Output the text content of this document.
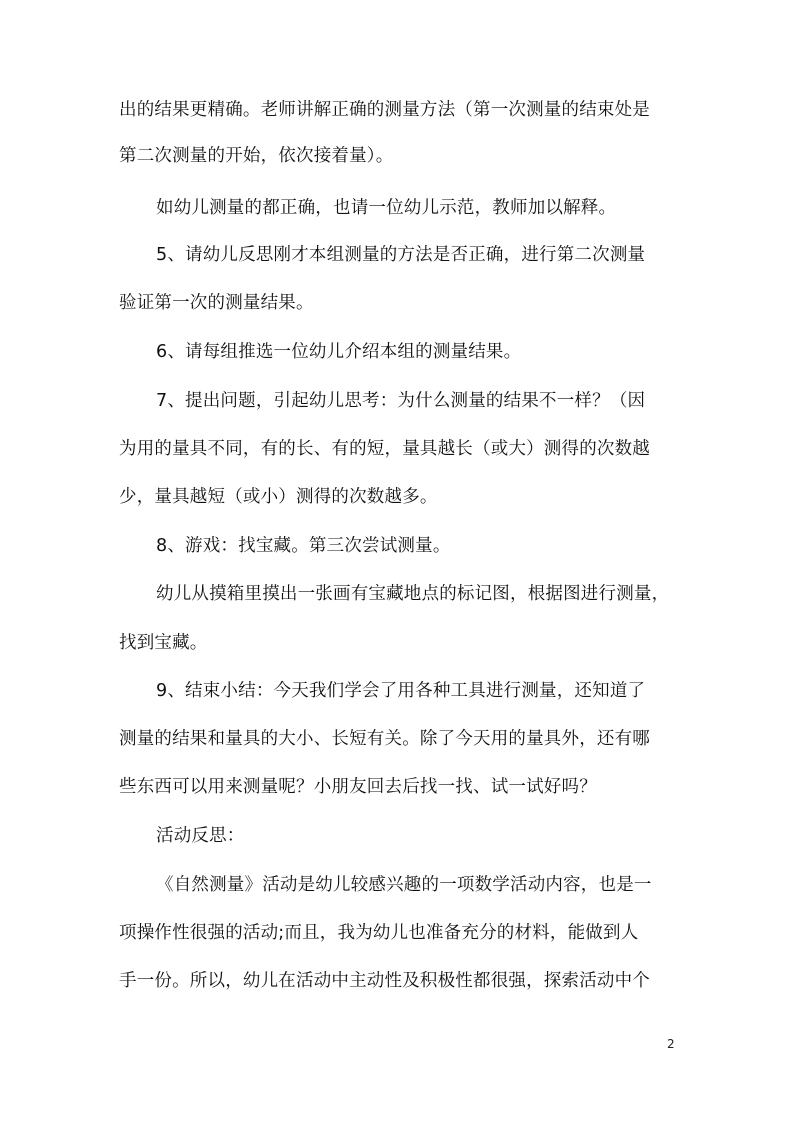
出的结果更精确。老师讲解正确的测量方法（第一次测量的结束处是
第二次测量的开始，依次接着量）。
如幼儿测量的都正确，也请一位幼儿示范，教师加以解释。
5、请幼儿反思刚才本组测量的方法是否正确，进行第二次测量
验证第一次的测量结果。
6、请每组推选一位幼儿介绍本组的测量结果。
7、提出问题，引起幼儿思考：为什么测量的结果不一样？（因
为用的量具不同，有的长、有的短，量具越长（或大）测得的次数越
少，量具越短（或小）测得的次数越多。
8、游戏：找宝藏。第三次尝试测量。
幼儿从摸箱里摸出一张画有宝藏地点的标记图，根据图进行测量，
找到宝藏。
9、结束小结：今天我们学会了用各种工具进行测量，还知道了
测量的结果和量具的大小、长短有关。除了今天用的量具外，还有哪
些东西可以用来测量呢？小朋友回去后找一找、试一试好吗？
活动反思：
《自然测量》活动是幼儿较感兴趣的一项数学活动内容，也是一
项操作性很强的活动;而且，我为幼儿也准备充分的材料，能做到人
手一份。所以，幼儿在活动中主动性及积极性都很强，探索活动中个
2
